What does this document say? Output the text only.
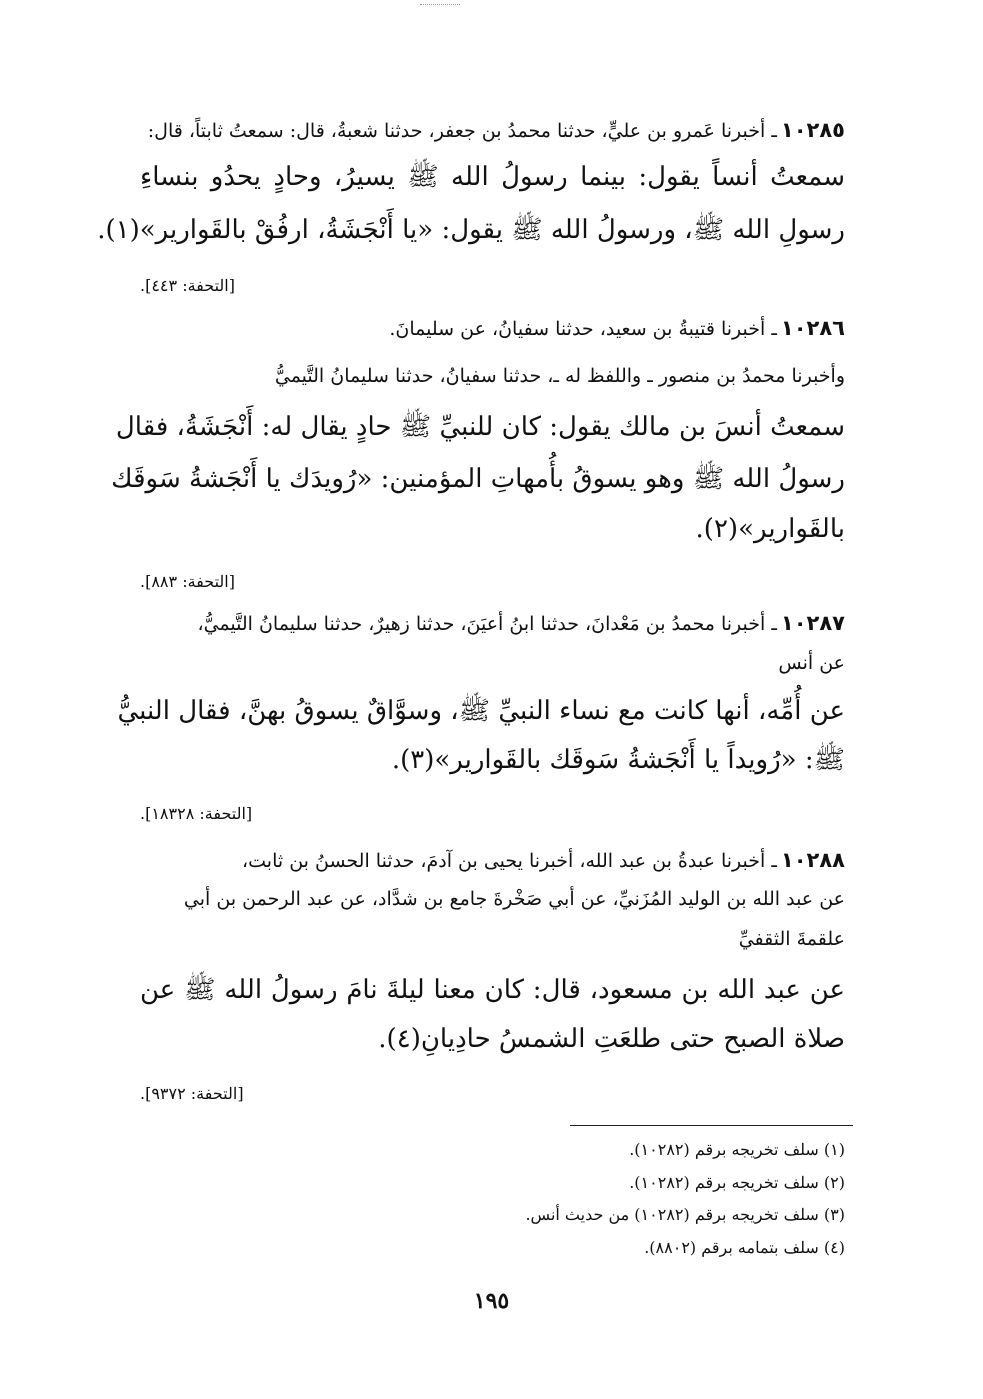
١٠٢٨٥ـ أخبرنا عَمرو بن عليٍّ، حدثنا محمدُ بن جعفر، حدثنا شعبةُ، قال: سمعتُ ثابتاً، قال:
سمعتُ أنساً يقول: بينما رسولُ الله ﷺ يسيرُ، وحادٍ يحدُو بنساءِ
رسولِ الله ﷺ، ورسولُ الله ﷺ يقول: «يا أَنْجَشَةُ، ارفُقْ بالقَوارير»(١).
[التحفة: ٤٤٣].
١٠٢٨٦ـ أخبرنا قتيبةُ بن سعيد، حدثنا سفيانُ، عن سليمانَ.
وأخبرنا محمدُ بن منصور ـ واللفظ له ـ، حدثنا سفيانُ، حدثنا سليمانُ التَّيميُّ
سمعتُ أنسَ بن مالك يقول: كان للنبيِّ ﷺ حادٍ يقال له: أَنْجَشَةُ، فقال
رسولُ الله ﷺ وهو يسوقُ بأُمهاتِ المؤمنين: «رُويدَك يا أَنْجَشةُ سَوقَك
بالقَوارير»(٢).
[التحفة: ٨٨٣].
١٠٢٨٧ـ أخبرنا محمدُ بن مَعْدانَ، حدثنا ابنُ أعيَنَ، حدثنا زهيرٌ، حدثنا سليمانُ التَّيميُّ،
عن أنس
عن أُمِّه، أنها كانت مع نساء النبيِّ ﷺ، وسوَّاقٌ يسوقُ بهنَّ، فقال النبيُّ
ﷺ: «رُويداً يا أَنْجَشةُ سَوقَك بالقَوارير»(٣).
[التحفة: ١٨٣٢٨].
١٠٢٨٨ـ أخبرنا عبدةُ بن عبد الله، أخبرنا يحيى بن آدمَ، حدثنا الحسنُ بن ثابت،
عن عبد الله بن الوليد المُزَنيِّ، عن أبي صَخْرةَ جامع بن شدَّاد، عن عبد الرحمن بن أبي
علقمةَ الثقفيِّ
عن عبد الله بن مسعود، قال: كان معنا ليلةَ نامَ رسولُ الله ﷺ عن
صلاة الصبح حتى طلعَتِ الشمسُ حادِيانِ(٤).
[التحفة: ٩٣٧٢].
(١) سلف تخريجه برقم (١٠٢٨٢).
(٢) سلف تخريجه برقم (١٠٢٨٢).
(٣) سلف تخريجه برقم (١٠٢٨٢) من حديث أنس.
(٤) سلف بتمامه برقم (٨٨٠٢).
١٩٥
